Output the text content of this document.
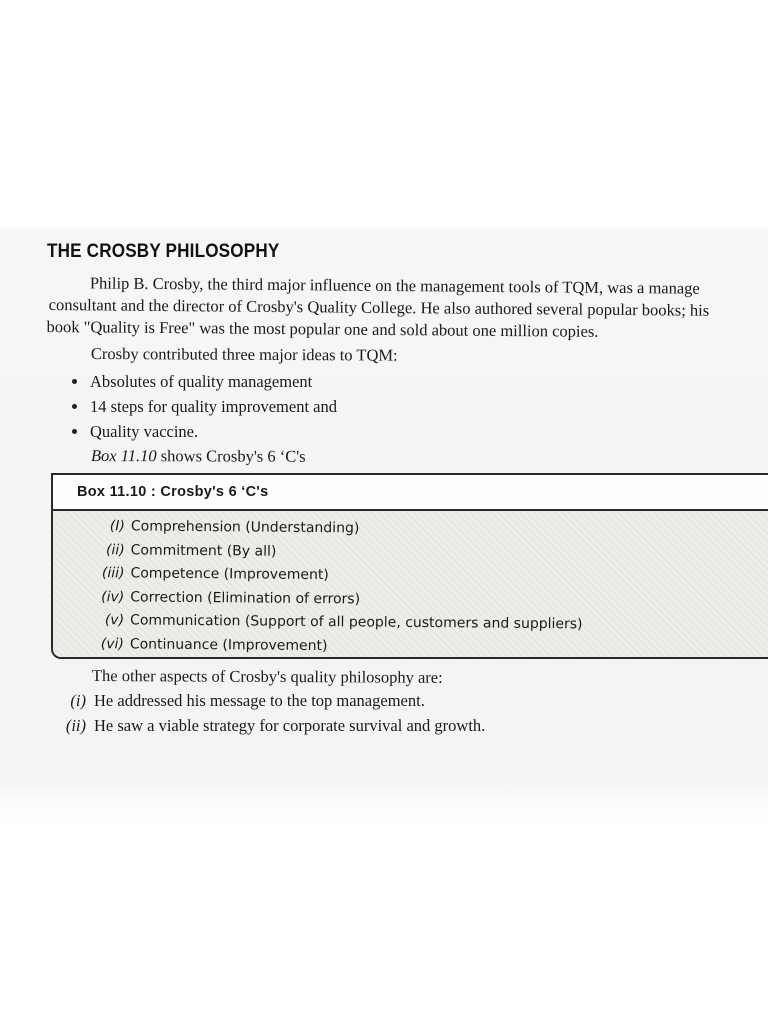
THE CROSBY PHILOSOPHY
Philip B. Crosby, the third major influence on the management tools of TQM, was a manage
consultant and the director of Crosby's Quality College. He also authored several popular books; his
book "Quality is Free" was the most popular one and sold about one million copies.
Crosby contributed three major ideas to TQM:
Absolutes of quality management
14 steps for quality improvement and
Quality vaccine.
Box 11.10 shows Crosby's 6 ‘C's
Box 11.10 : Crosby's 6 ‘C's
(I) Comprehension (Understanding)
(ii) Commitment (By all)
(iii) Competence (Improvement)
(iv) Correction (Elimination of errors)
(v) Communication (Support of all people, customers and suppliers)
(vi) Continuance (Improvement)
The other aspects of Crosby's quality philosophy are:
(i) He addressed his message to the top management.
(ii) He saw a viable strategy for corporate survival and growth.
